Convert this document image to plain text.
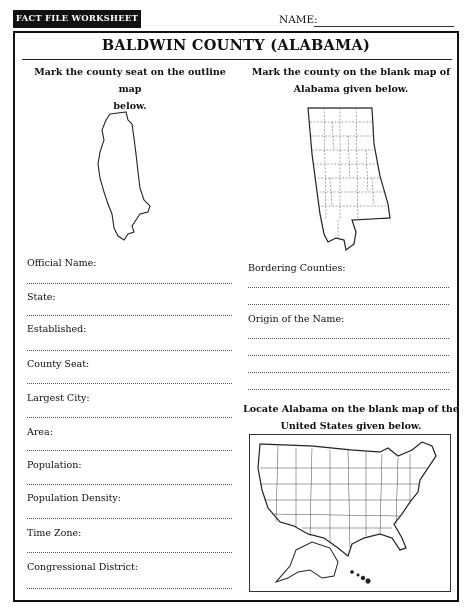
FACT FILE WORKSHEET	NAME:
BALDWIN COUNTY (ALABAMA)
Mark the county seat on the outline map
below.
Mark the county on the blank map of
Alabama given below.
Official Name:
State:
Established:
County Seat:
Largest City:
Area:
Population:
Population Density:
Time Zone:
Congressional District:
Bordering Counties:
Origin of the Name:
Locate Alabama on the blank map of the
United States given below.
